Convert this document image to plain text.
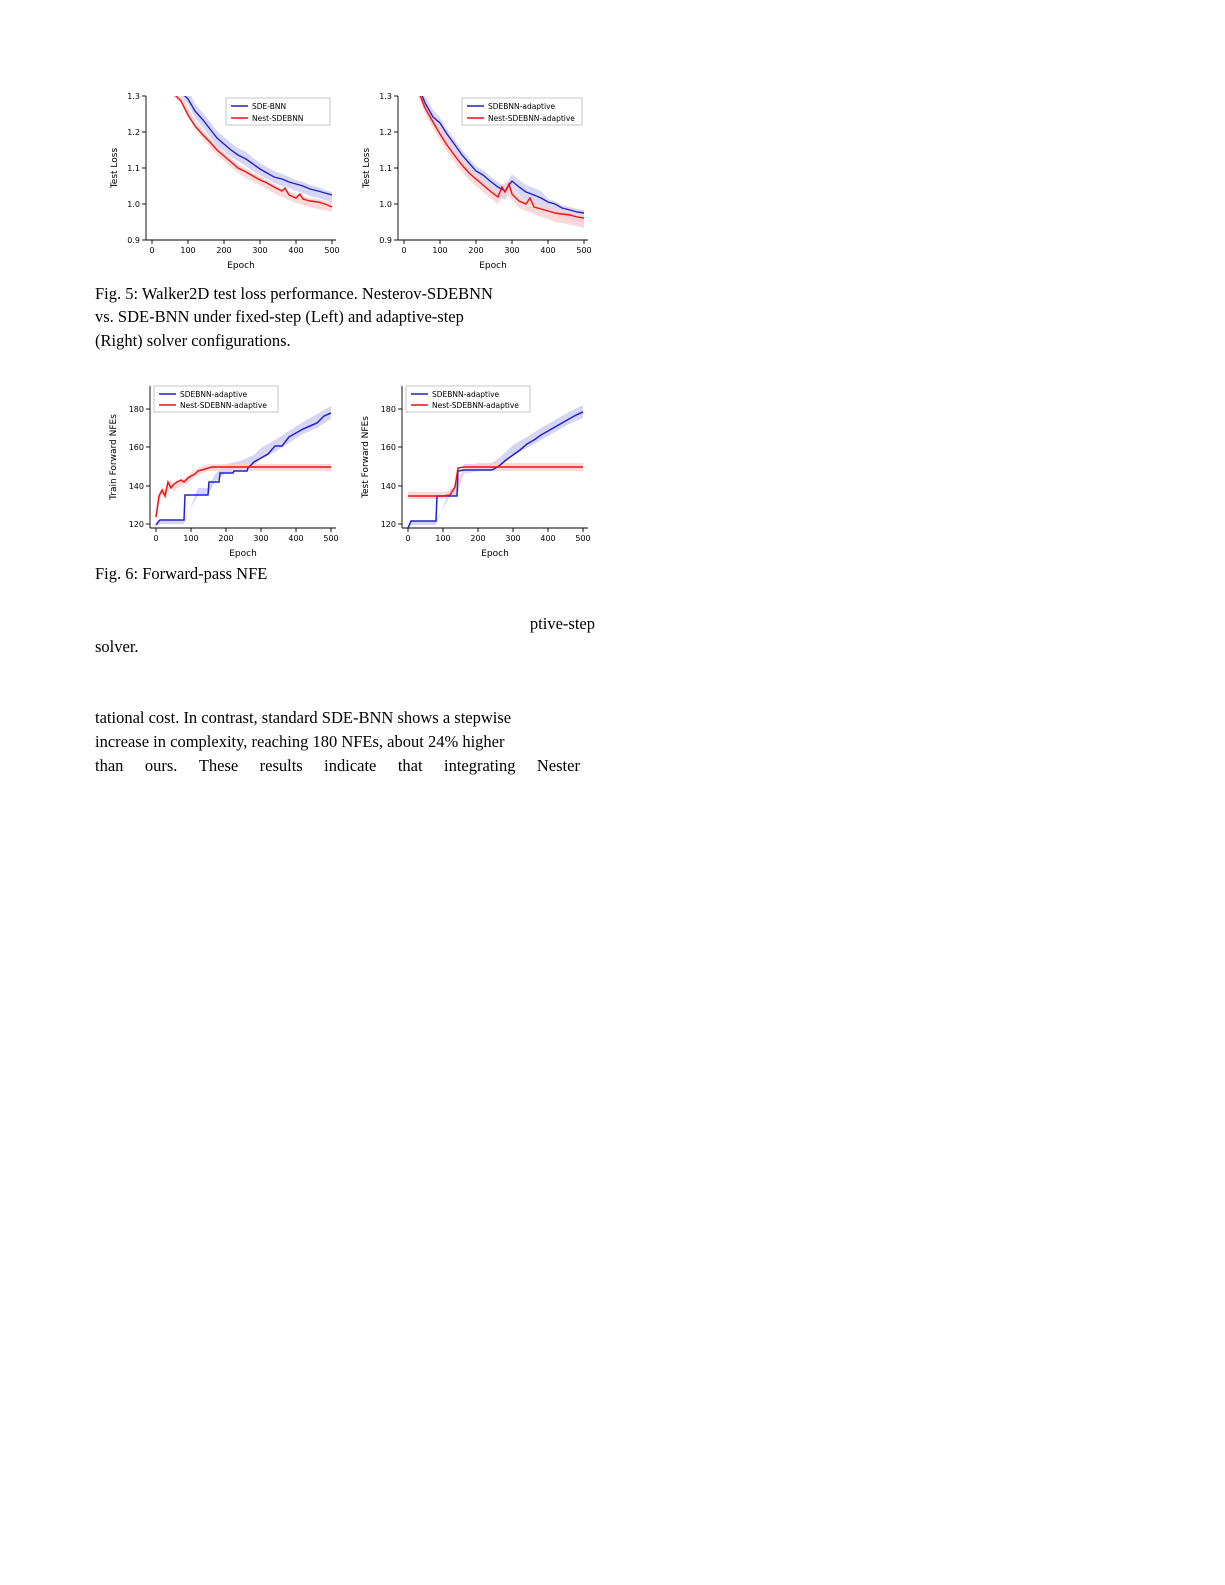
0.9
1.0
1.1
1.2
1.3
0	100	200	300	400	500
Epoch
Test Loss
SDE-BNN
Nest-SDEBNN
0.9
1.0
1.1
1.2
1.3
0	100	200	300	400	500
Epoch
Test Loss
SDEBNN-adaptive
Nest-SDEBNN-adaptive
Fig. 5: Walker2D test loss performance. Nesterov-SDEBNN
vs. SDE-BNN under fixed-step (Left) and adaptive-step
(Right) solver configurations.
120
140
160
180
0	100 200 300 400 500
Epoch
Train Forward NFEs
SDEBNN-adaptive
Nest-SDEBNN-adaptive
120
140
160
180
0	100 200 300 400 500
Epoch
Test Forward NFEs
SDEBNN-adaptive
Nest-SDEBNN-adaptive
Fig. 6: Forward-pass NFE
ptive-step
solver.
tational cost. In contrast, standard SDE-BNN shows a stepwise
increase in complexity, reaching 180 NFEs, about 24% higher
than ours. These results indicate that integrating Nester
